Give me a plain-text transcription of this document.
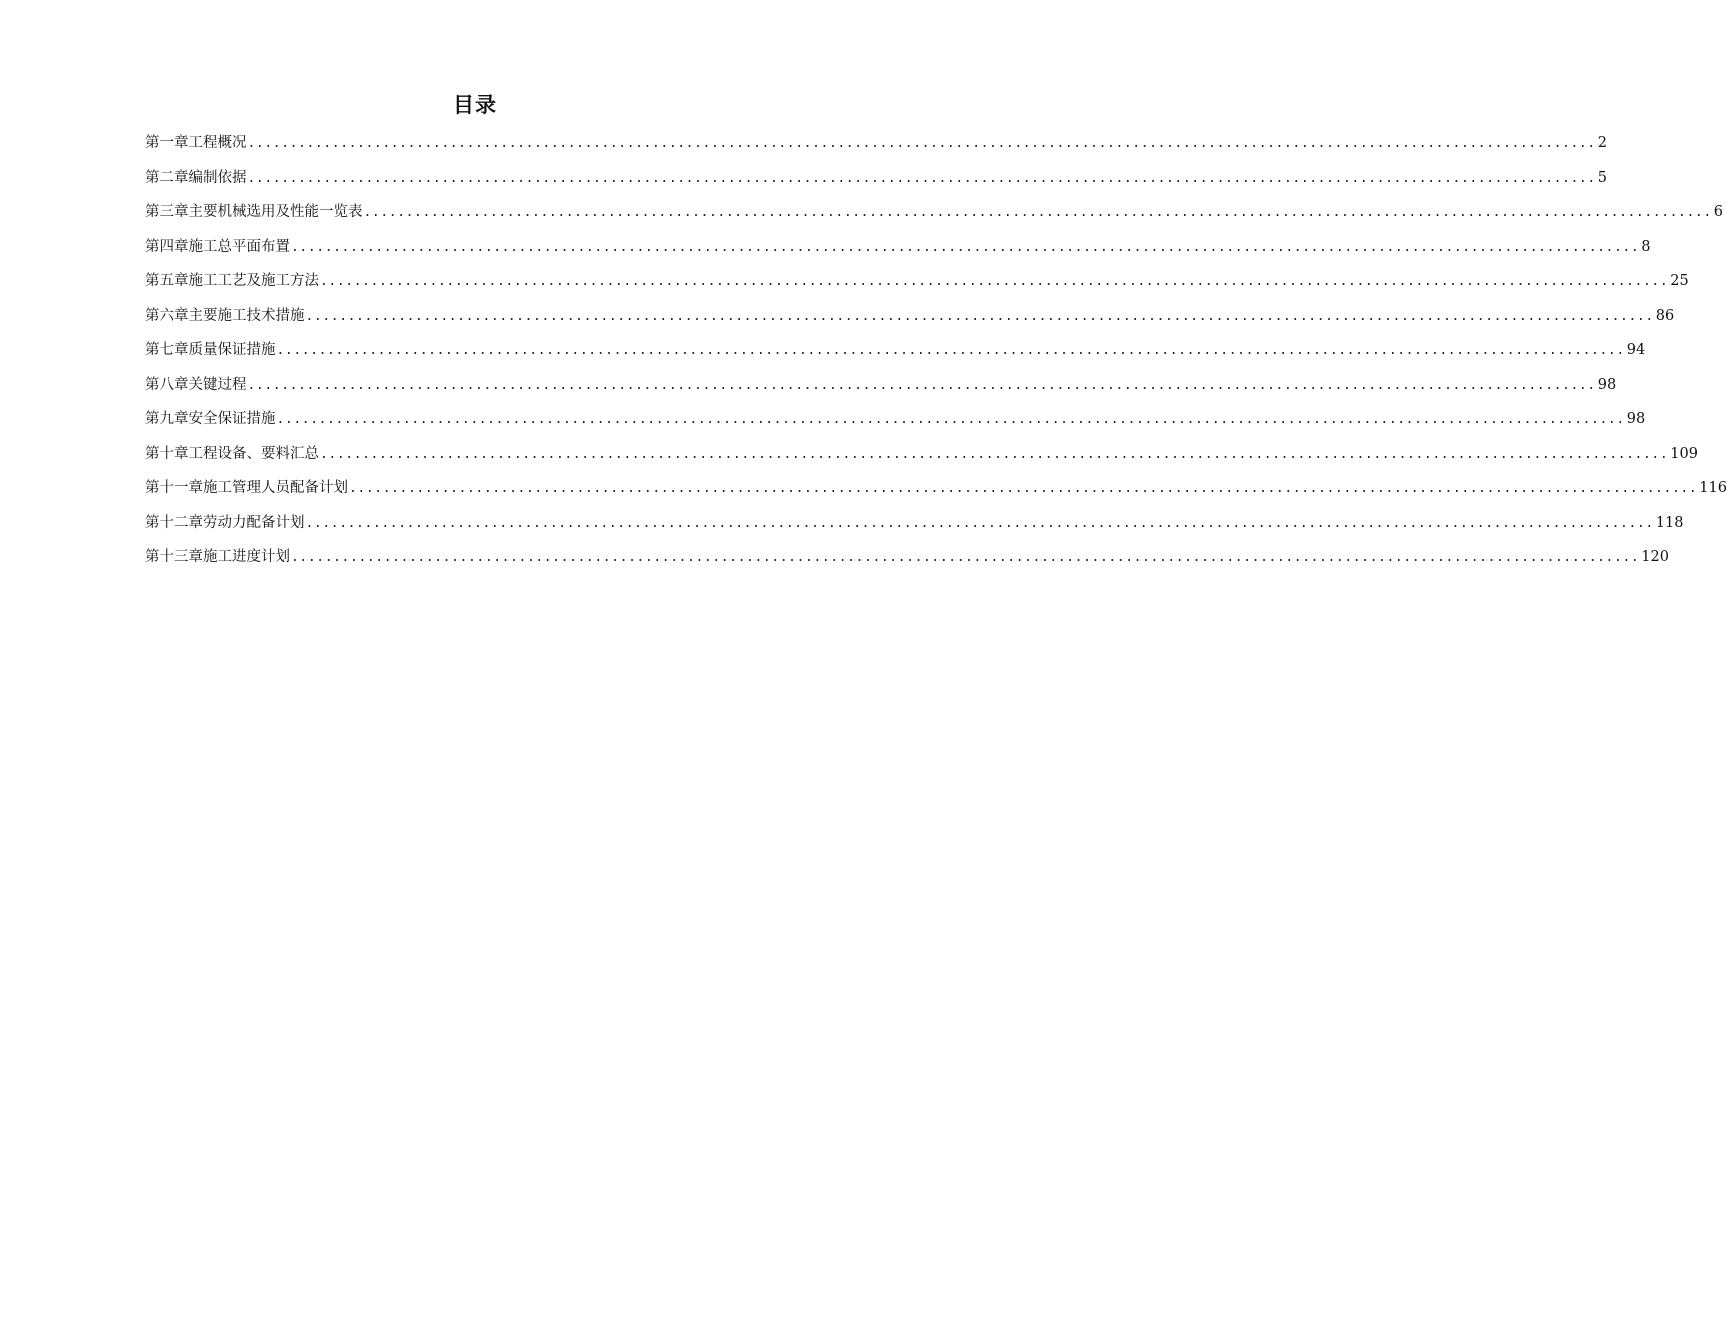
目录
第一章 工程概况 ................................................................................................................................................................ 2
第二章 编制依据 ................................................................................................................................................................ 5
第三章 主要机械选用及性能一览表 ................................................................................................................................................................ 6
第四章 施工总平面布置 ................................................................................................................................................................ 8
第五章 施工工艺及施工方法 ................................................................................................................................................................ 25
第六章 主要施工技术措施 ................................................................................................................................................................ 86
第七章 质量保证措施 ................................................................................................................................................................ 94
第八章 关键过程 ................................................................................................................................................................ 98
第九章 安全保证措施 ................................................................................................................................................................ 98
第十章 工程设备、要料汇总 ................................................................................................................................................................ 109
第十一章 施工管理人员配备计划 ................................................................................................................................................................ 116
第十二章 劳动力配备计划 ................................................................................................................................................................ 118
第十三章 施工进度计划 ................................................................................................................................................................ 120
